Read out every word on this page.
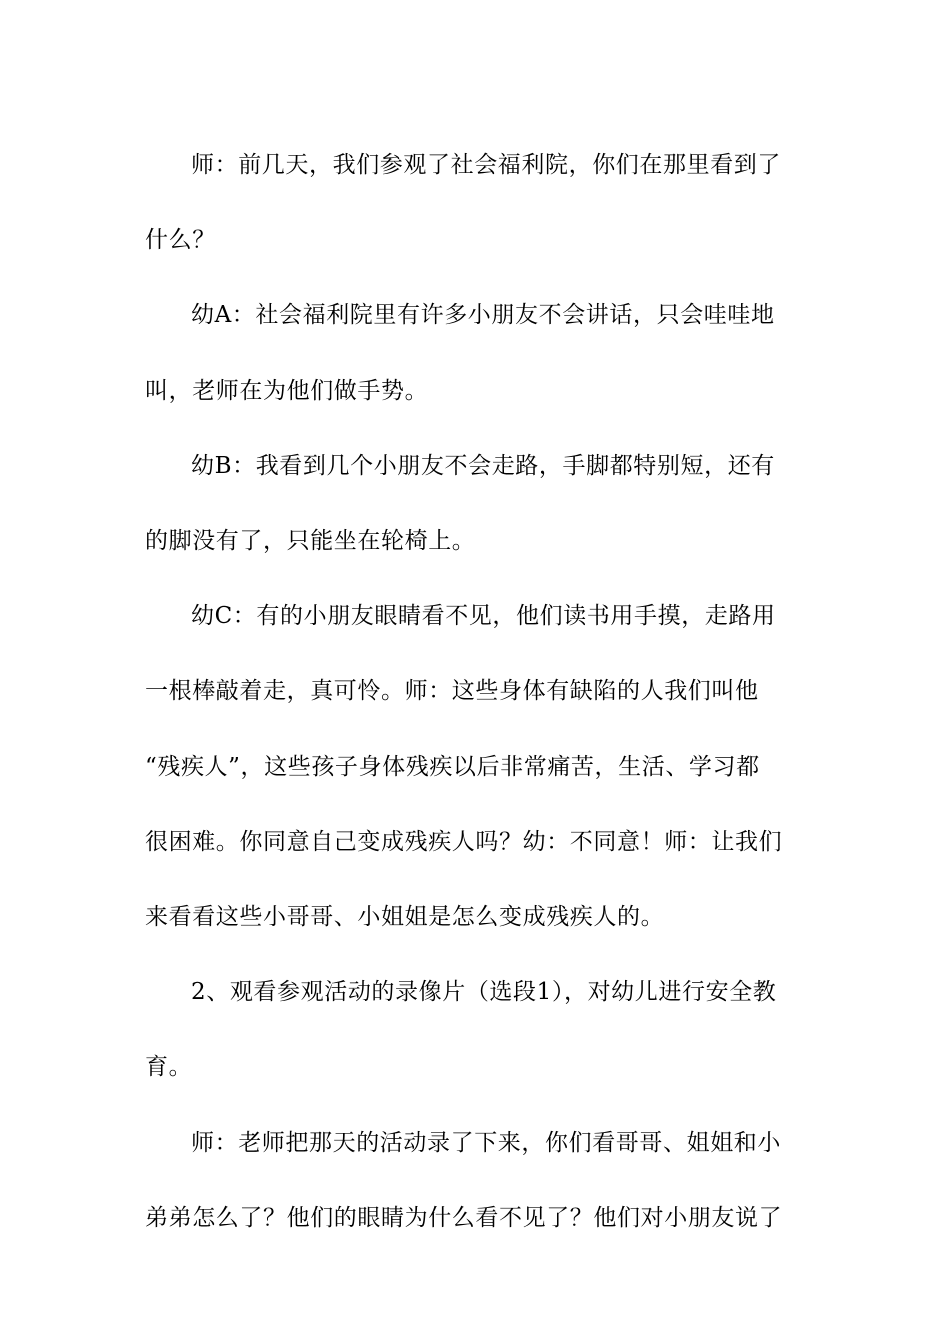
师：前几天，我们参观了社会福利院，你们在那里看到了
什么？

幼A：社会福利院里有许多小朋友不会讲话，只会哇哇地
叫，老师在为他们做手势。

幼B：我看到几个小朋友不会走路，手脚都特别短，还有
的脚没有了，只能坐在轮椅上。

幼C：有的小朋友眼睛看不见，他们读书用手摸，走路用
一根棒敲着走，真可怜。师：这些身体有缺陷的人我们叫他
“残疾人”，这些孩子身体残疾以后非常痛苦，生活、学习都
很困难。你同意自己变成残疾人吗？幼：不同意！师：让我们
来看看这些小哥哥、小姐姐是怎么变成残疾人的。

2、观看参观活动的录像片（选段1），对幼儿进行安全教
育。

师：老师把那天的活动录了下来，你们看哥哥、姐姐和小
弟弟怎么了？他们的眼睛为什么看不见了？他们对小朋友说了
